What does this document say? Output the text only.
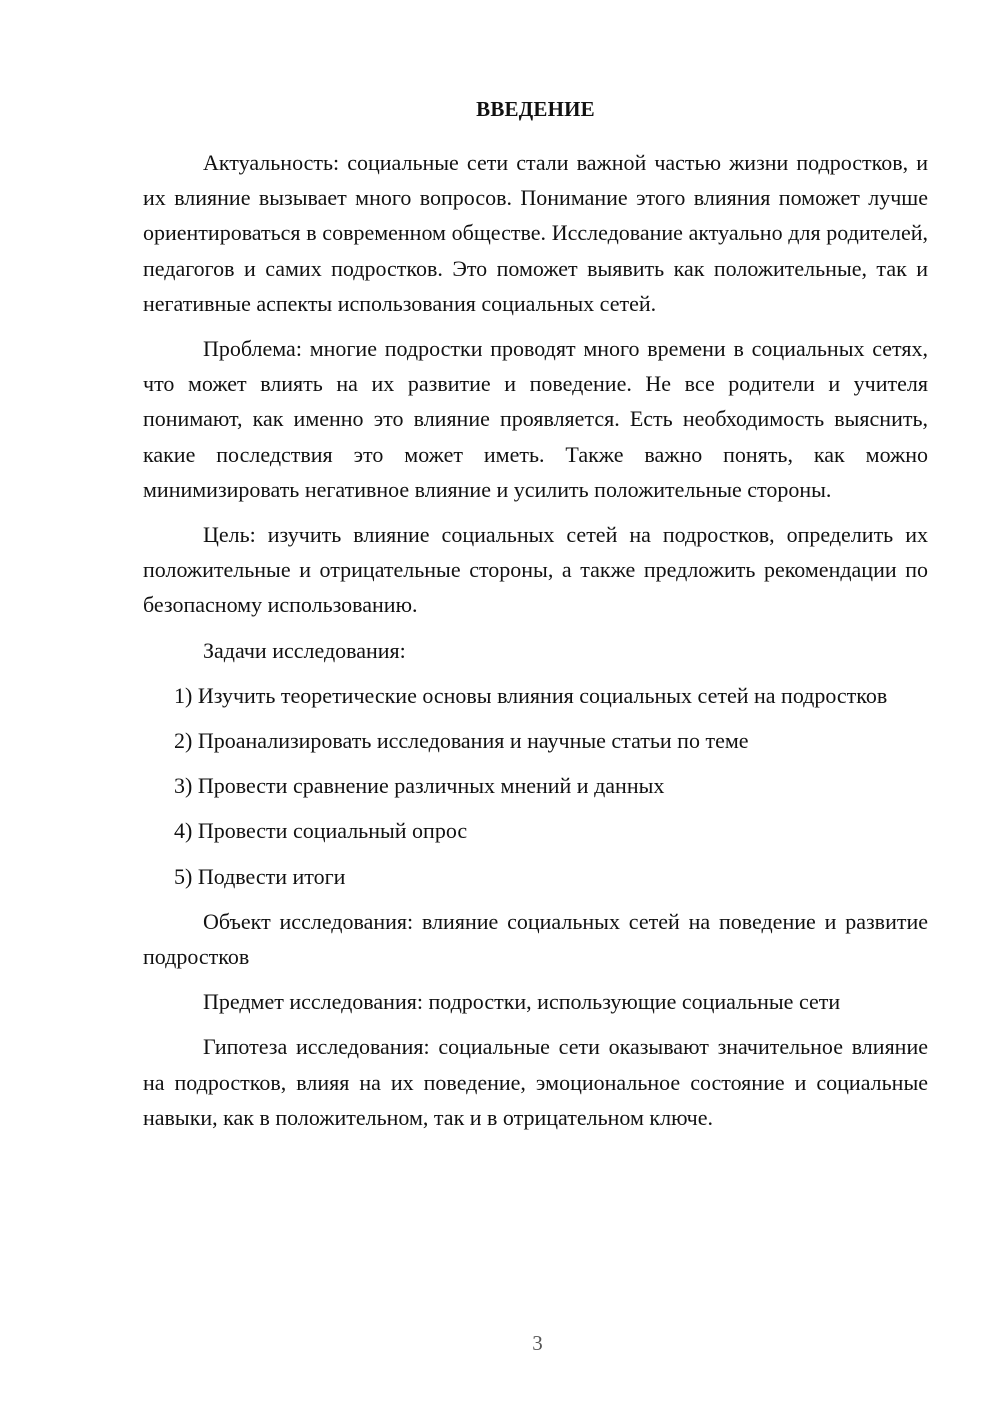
ВВЕДЕНИЕ

Актуальность: социальные сети стали важной частью жизни подростков, и их влияние вызывает много вопросов. Понимание этого влияния поможет лучше ориентироваться в современном обществе. Исследование актуально для родителей, педагогов и самих подростков. Это поможет выявить как положительные, так и негативные аспекты использования социальных сетей.

Проблема: многие подростки проводят много времени в социальных сетях, что может влиять на их развитие и поведение. Не все родители и учителя понимают, как именно это влияние проявляется. Есть необходимость выяснить, какие последствия это может иметь. Также важно понять, как можно минимизировать негативное влияние и усилить положительные стороны.

Цель: изучить влияние социальных сетей на подростков, определить их положительные и отрицательные стороны, а также предложить рекомендации по безопасному использованию.

Задачи исследования:

1) Изучить теоретические основы влияния социальных сетей на подростков

2) Проанализировать исследования и научные статьи по теме

3) Провести сравнение различных мнений и данных

4) Провести социальный опрос

5) Подвести итоги

Объект исследования: влияние социальных сетей на поведение и развитие подростков

Предмет исследования: подростки, использующие социальные сети

Гипотеза исследования: социальные сети оказывают значительное влияние на подростков, влияя на их поведение, эмоциональное состояние и социальные навыки, как в положительном, так и в отрицательном ключе.

3
